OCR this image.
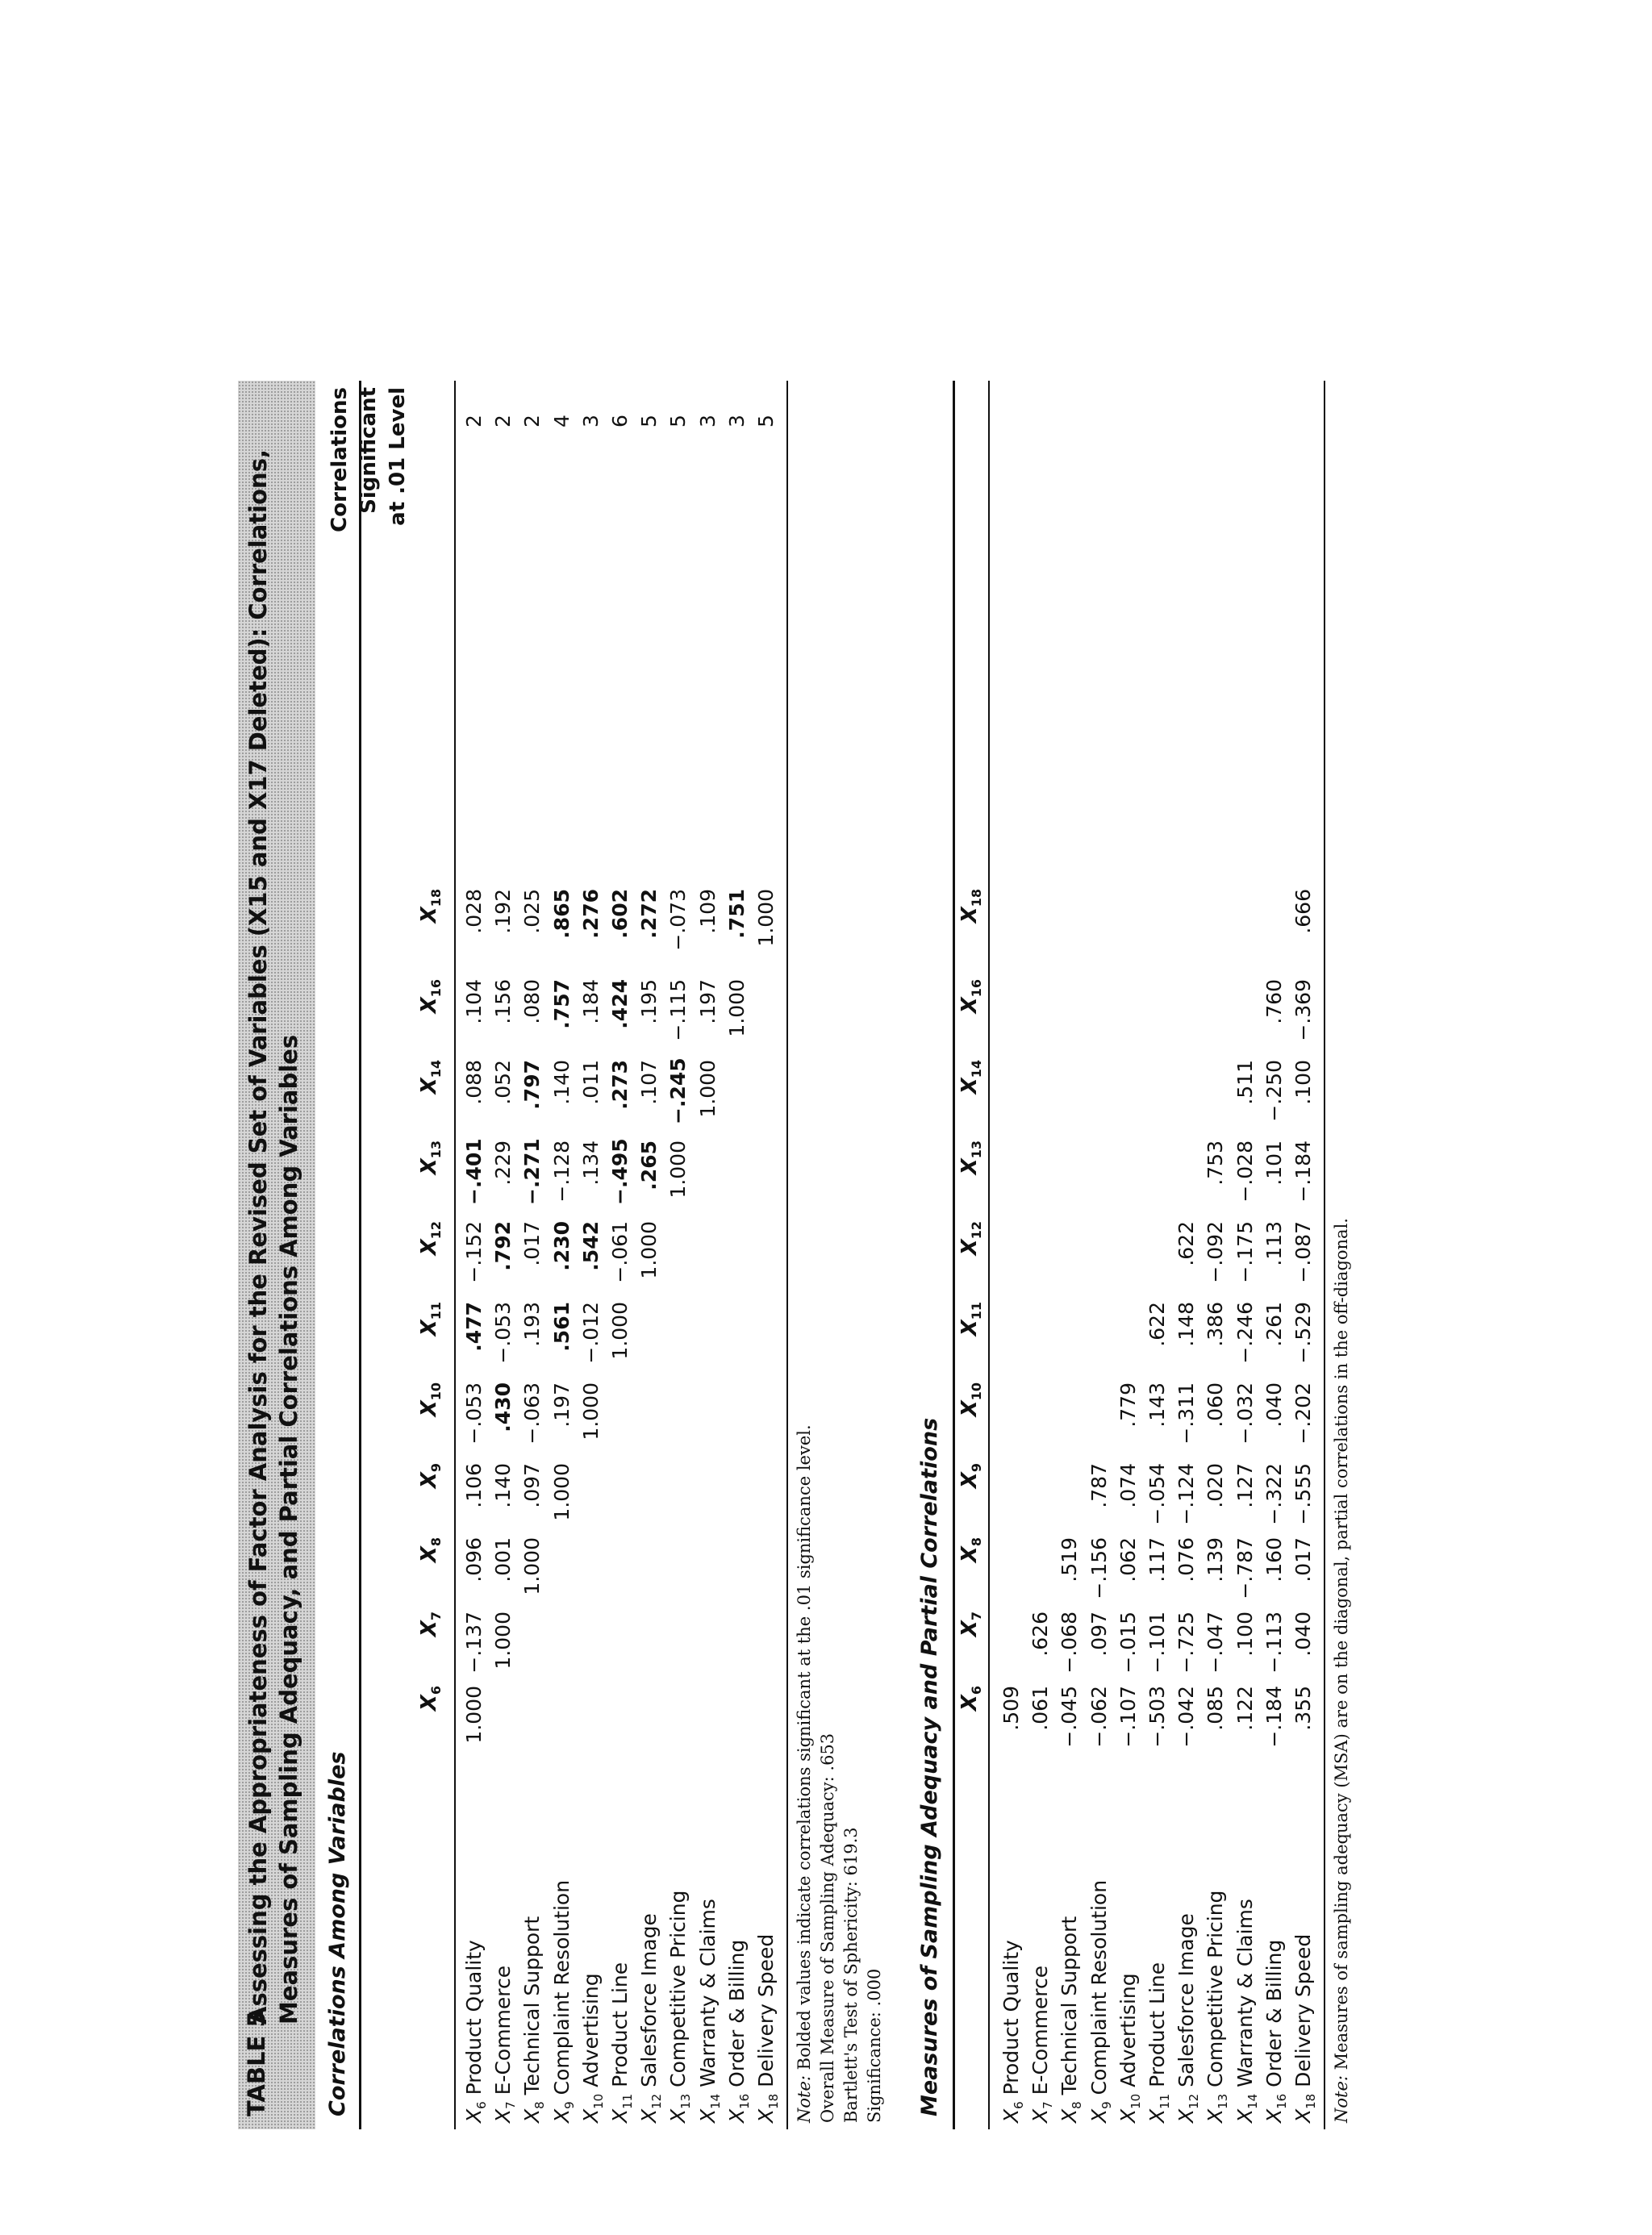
TABLE 5
Assessing the Appropriateness of Factor Analysis for the Revised Set of Variables (X15 and X17 Deleted): Correlations, Measures of Sampling Adequacy, and Partial Correlations Among Variables Correlations Among Variables
Correlations Significant at .01 Level
$X_6$
$X_7$
$X_8$
$X_9$
$X_{10}$
$X_{11}$
$X_{12}$
$X_{13}$
$X_{14}$
$X_{16}$
$X_{18}$
$X_6$ Product Quality
1.000
−.137
.096
.106
−.053
.477
−.152
−.401
.088
.104
.028
2
$X_7$ E-Commerce
1.000
.001
.140
.430
−.053
.792
.229
.052
.156
.192
2
$X_8$ Technical Support
1.000
.097
−.063
.193
.017
−.271
.797
.080
.025
2
$X_9$ Complaint Resolution
1.000
.197
.561
.230
−.128
.140
.757
.865
4
$X_{10}$ Advertising
1.000
−.012
.542
.134
.011
.184
.276
3
$X_{11}$ Product Line
1.000
−.061
−.495
.273
.424
.602
6
$X_{12}$ Salesforce Image
1.000
.265
.107
.195
.272
5
$X_{13}$ Competitive Pricing
1.000
−.245
−.115
−.073
5
$X_{14}$ Warranty & Claims
1.000
.197
.109
3
$X_{16}$ Order & Billing
1.000
.751
3
$X_{18}$ Delivery Speed
1.000
5
Note: Bolded values indicate correlations significant at the .01 significance level. Overall Measure of Sampling Adequacy: .653 Bartlett's Test of Sphericity: 619.3 Significance: .000 Measures of Sampling Adequacy and Partial Correlations $X_6$
$X_7$
$X_8$
$X_9$
$X_{10}$
$X_{11}$
$X_{12}$
$X_{13}$
$X_{14}$
$X_{16}$
$X_{18}$
$X_6$ Product Quality
.509
$X_7$ E-Commerce
.061
.626
$X_8$ Technical Support
−.045
−.068
.519
$X_9$ Complaint Resolution
−.062
.097
−.156
.787
$X_{10}$ Advertising
−.107
−.015
.062
.074
.779
$X_{11}$ Product Line
−.503
−.101
.117
−.054
.143
.622
$X_{12}$ Salesforce Image
−.042
−.725
.076
−.124
−.311
.148
.622
$X_{13}$ Competitive Pricing
.085
−.047
.139
.020
.060
.386
−.092
.753
$X_{14}$ Warranty & Claims
.122
.100
−.787
.127
−.032
−.246
−.175
−.028
.511
$X_{16}$ Order & Billing
−.184
−.113
.160
−.322
.040
.261
.113
.101
−.250
.760
$X_{18}$ Delivery Speed
.355
.040
.017
−.555
−.202
−.529
−.087
−.184
.100
−.369
.666
Note: Measures of sampling adequacy (MSA) are on the diagonal, partial correlations in the off-diagonal.
